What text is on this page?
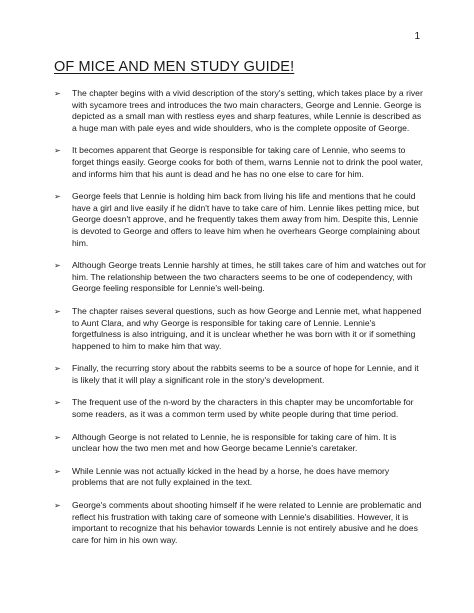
1
OF MICE AND MEN STUDY GUIDE!
➢	The chapter begins with a vivid description of the story's setting, which takes place by a river with sycamore trees and introduces the two main characters, George and Lennie. George is depicted as a small man with restless eyes and sharp features, while Lennie is described as a huge man with pale eyes and wide shoulders, who is the complete opposite of George.
➢	It becomes apparent that George is responsible for taking care of Lennie, who seems to forget things easily. George cooks for both of them, warns Lennie not to drink the pool water, and informs him that his aunt is dead and he has no one else to care for him.
➢	George feels that Lennie is holding him back from living his life and mentions that he could have a girl and live easily if he didn't have to take care of him. Lennie likes petting mice, but George doesn't approve, and he frequently takes them away from him. Despite this, Lennie is devoted to George and offers to leave him when he overhears George complaining about him.
➢	Although George treats Lennie harshly at times, he still takes care of him and watches out for him. The relationship between the two characters seems to be one of codependency, with George feeling responsible for Lennie's well-being.
➢	The chapter raises several questions, such as how George and Lennie met, what happened to Aunt Clara, and why George is responsible for taking care of Lennie. Lennie's forgetfulness is also intriguing, and it is unclear whether he was born with it or if something happened to him to make him that way.
➢	Finally, the recurring story about the rabbits seems to be a source of hope for Lennie, and it is likely that it will play a significant role in the story's development.
➢	The frequent use of the n-word by the characters in this chapter may be uncomfortable for some readers, as it was a common term used by white people during that time period.
➢	Although George is not related to Lennie, he is responsible for taking care of him. It is unclear how the two men met and how George became Lennie's caretaker.
➢	While Lennie was not actually kicked in the head by a horse, he does have memory problems that are not fully explained in the text.
➢	George's comments about shooting himself if he were related to Lennie are problematic and reflect his frustration with taking care of someone with Lennie's disabilities. However, it is important to recognize that his behavior towards Lennie is not entirely abusive and he does care for him in his own way.
